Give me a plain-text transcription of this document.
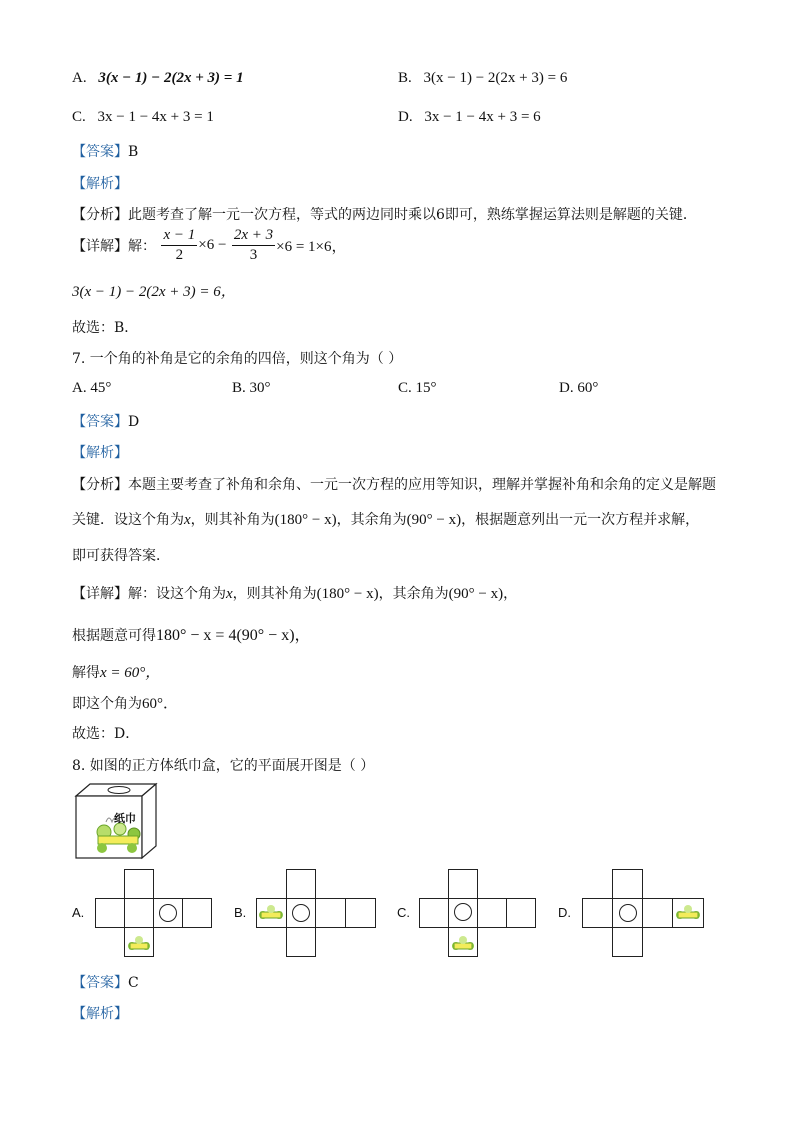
A. 3(x − 1) − 2(2x + 3) = 1	B. 3(x − 1) − 2(2x + 3) = 6
C. 3x − 1 − 4x + 3 = 1	D. 3x − 1 − 4x + 3 = 6
【答案】B
【解析】
【分析】此题考查了解一元一次方程，等式的两边同时乘以6即可，熟练掌握运算法则是解题的关键．
【详解】解： $\frac{x - 1}{2} \times 6 - \frac{2x + 3}{3} \times 6 = 1\times 6$，
3(x − 1) − 2(2x + 3) = 6，
故选：B．
7. 一个角的补角是它的余角的四倍，则这个角为（ ）
A. 45°	B. 30°	C. 15°	D. 60°
【答案】D
【解析】
【分析】本题主要考查了补角和余角、一元一次方程的应用等知识，理解并掌握补角和余角的定义是解题
关键．设这个角为x，则其补角为(180° − x)，其余角为(90° − x)，根据题意列出一元一次方程并求解，
即可获得答案．
【详解】解：设这个角为x，则其补角为(180° − x)，其余角为(90° − x)，
根据题意可得180° − x = 4(90° − x)，
解得x = 60°，
即这个角为60°．
故选：D．
8. 如图的正方体纸巾盒，它的平面展开图是（ ）
纸巾
A.	B.	C.	D.
【答案】C
【解析】
